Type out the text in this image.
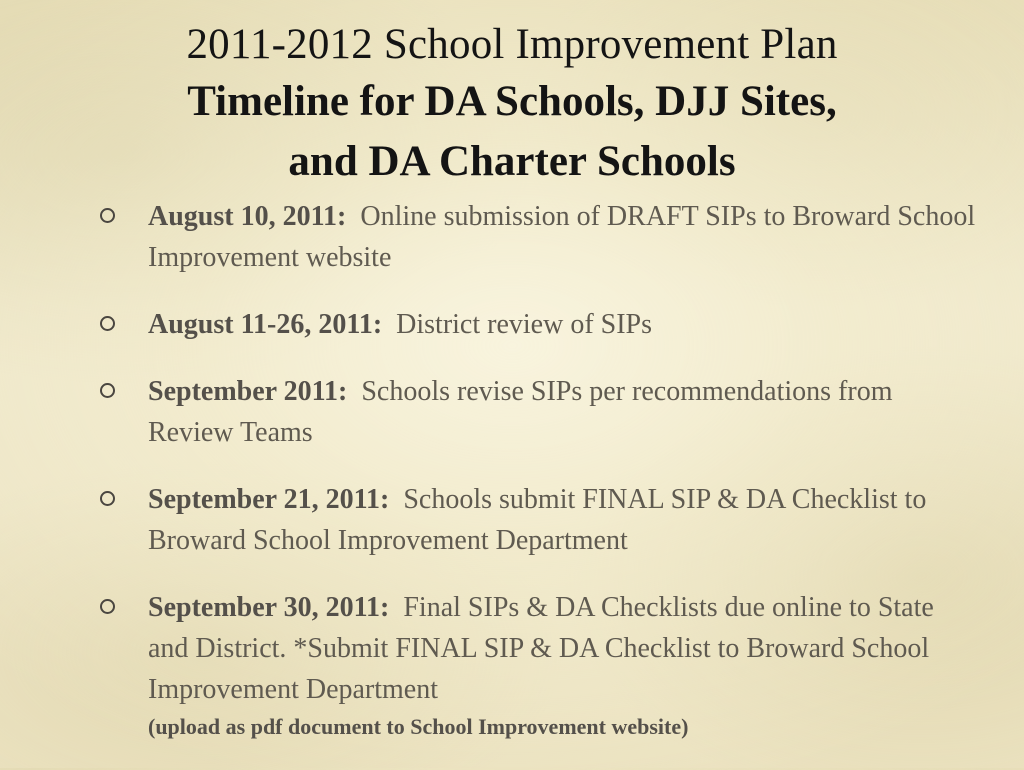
2011-2012 School Improvement Plan
Timeline for DA Schools, DJJ Sites,
and DA Charter Schools
August 10, 2011: Online submission of DRAFT SIPs to Broward School Improvement website
August 11-26, 2011: District review of SIPs
September 2011: Schools revise SIPs per recommendations from Review Teams
September 21, 2011: Schools submit FINAL SIP & DA Checklist to Broward School Improvement Department
September 30, 2011: Final SIPs & DA Checklists due online to State and District. *Submit FINAL SIP & DA Checklist to Broward School Improvement Department
(upload as pdf document to School Improvement website)
